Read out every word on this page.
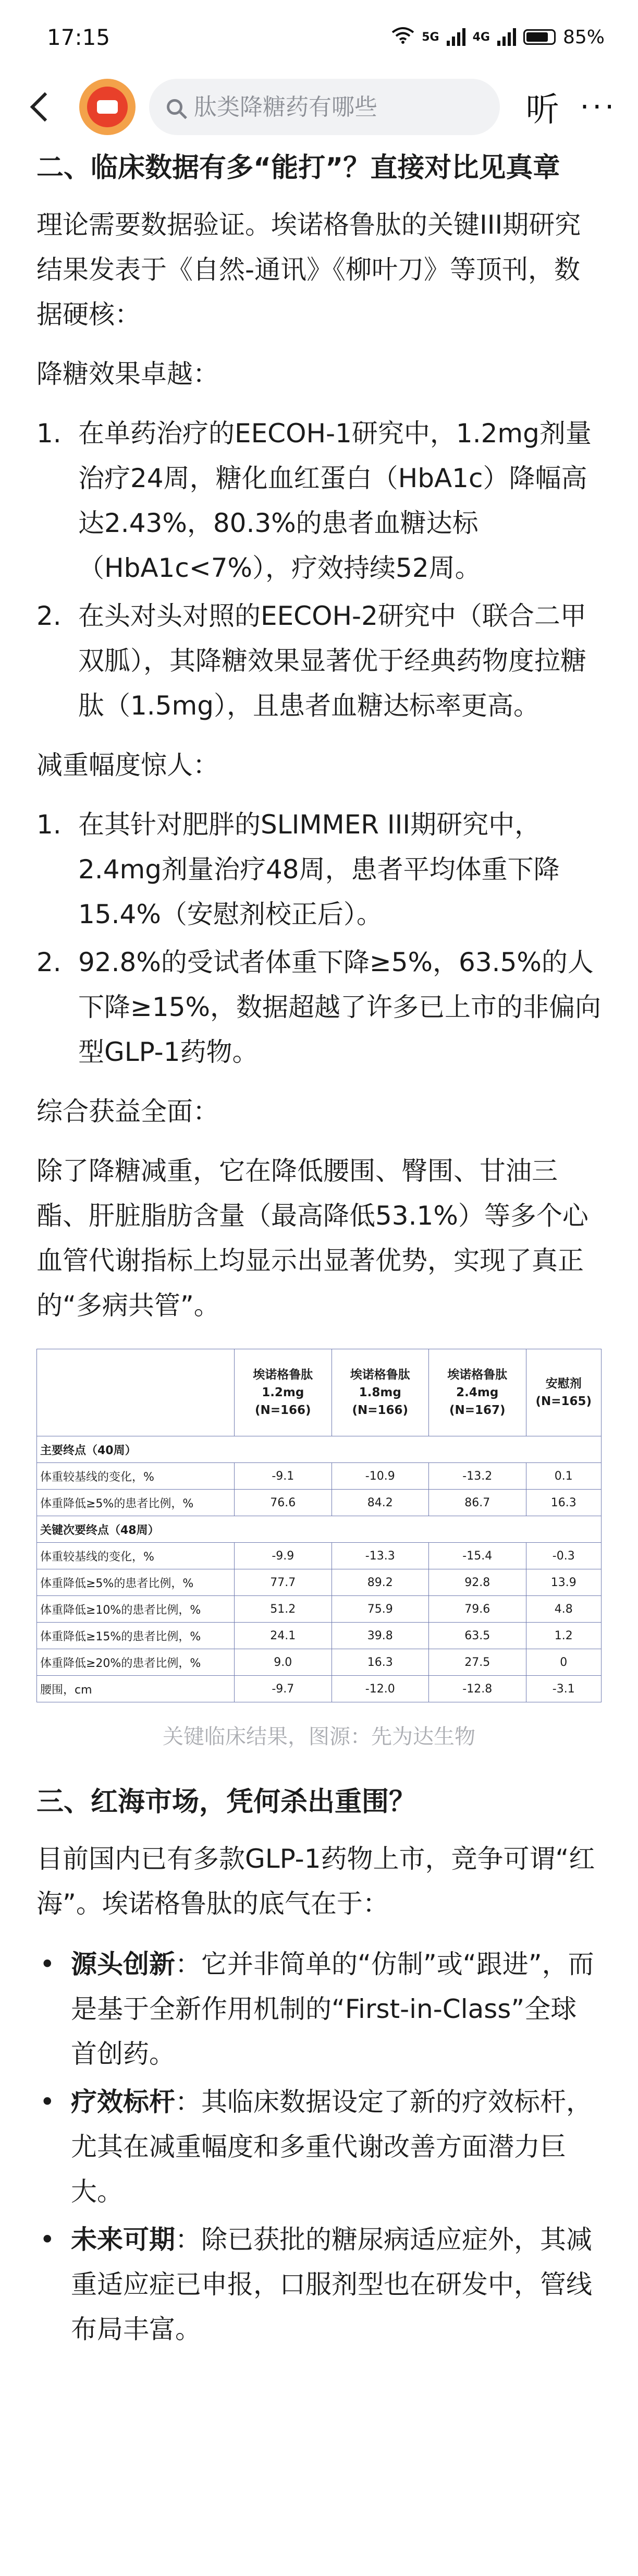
17:15	5G	4G	85%
肽类降糖药有哪些
听 ···
二、临床数据有多“能打”？直接对比见真章

理论需要数据验证。埃诺格鲁肽的关键III期研究结果发表于《自然-通讯》《柳叶刀》等顶刊，数据硬核：

降糖效果卓越：
1. 在单药治疗的EECOH-1研究中，1.2mg剂量治疗24周，糖化血红蛋白（HbA1c）降幅高达2.43%，80.3%的患者血糖达标（HbA1c<7%），疗效持续52周。
2. 在头对头对照的EECOH-2研究中（联合二甲双胍），其降糖效果显著优于经典药物度拉糖肽（1.5mg），且患者血糖达标率更高。
减重幅度惊人：
1. 在其针对肥胖的SLIMMER III期研究中，2.4mg剂量治疗48周，患者平均体重下降15.4%（安慰剂校正后）。
2. 92.8%的受试者体重下降≥5%，63.5%的人下降≥15%，数据超越了许多已上市的非偏向型GLP-1药物。
综合获益全面：

除了降糖减重，它在降低腰围、臀围、甘油三酯、肝脏脂肪含量（最高降低53.1%）等多个心血管代谢指标上均显示出显著优势，实现了真正的“多病共管”。

	埃诺格鲁肽 1.2mg (N=166)	埃诺格鲁肽 1.8mg (N=166)	埃诺格鲁肽 2.4mg (N=167)	安慰剂 (N=165)
主要终点（40周）				
体重较基线的变化，%	-9.1	-10.9	-13.2	0.1
体重降低≥5%的患者比例，%	76.6	84.2	86.7	16.3
关键次要终点（48周）				
体重较基线的变化，%	-9.9	-13.3	-15.4	-0.3
体重降低≥5%的患者比例，%	77.7	89.2	92.8	13.9
体重降低≥10%的患者比例，%	51.2	75.9	79.6	4.8
体重降低≥15%的患者比例，%	24.1	39.8	63.5	1.2
体重降低≥20%的患者比例，%	9.0	16.3	27.5	0
腰围，cm	-9.7	-12.0	-12.8	-3.1
关键临床结果，图源：先为达生物
三、红海市场，凭何杀出重围？

目前国内已有多款GLP-1药物上市，竞争可谓“红海”。埃诺格鲁肽的底气在于：

• 源头创新：它并非简单的“仿制”或“跟进”，而是基于全新作用机制的“First-in-Class”全球首创药。
• 疗效标杆：其临床数据设定了新的疗效标杆，尤其在减重幅度和多重代谢改善方面潜力巨大。
• 未来可期：除已获批的糖尿病适应症外，其减重适应症已申报，口服剂型也在研发中，管线布局丰富。
